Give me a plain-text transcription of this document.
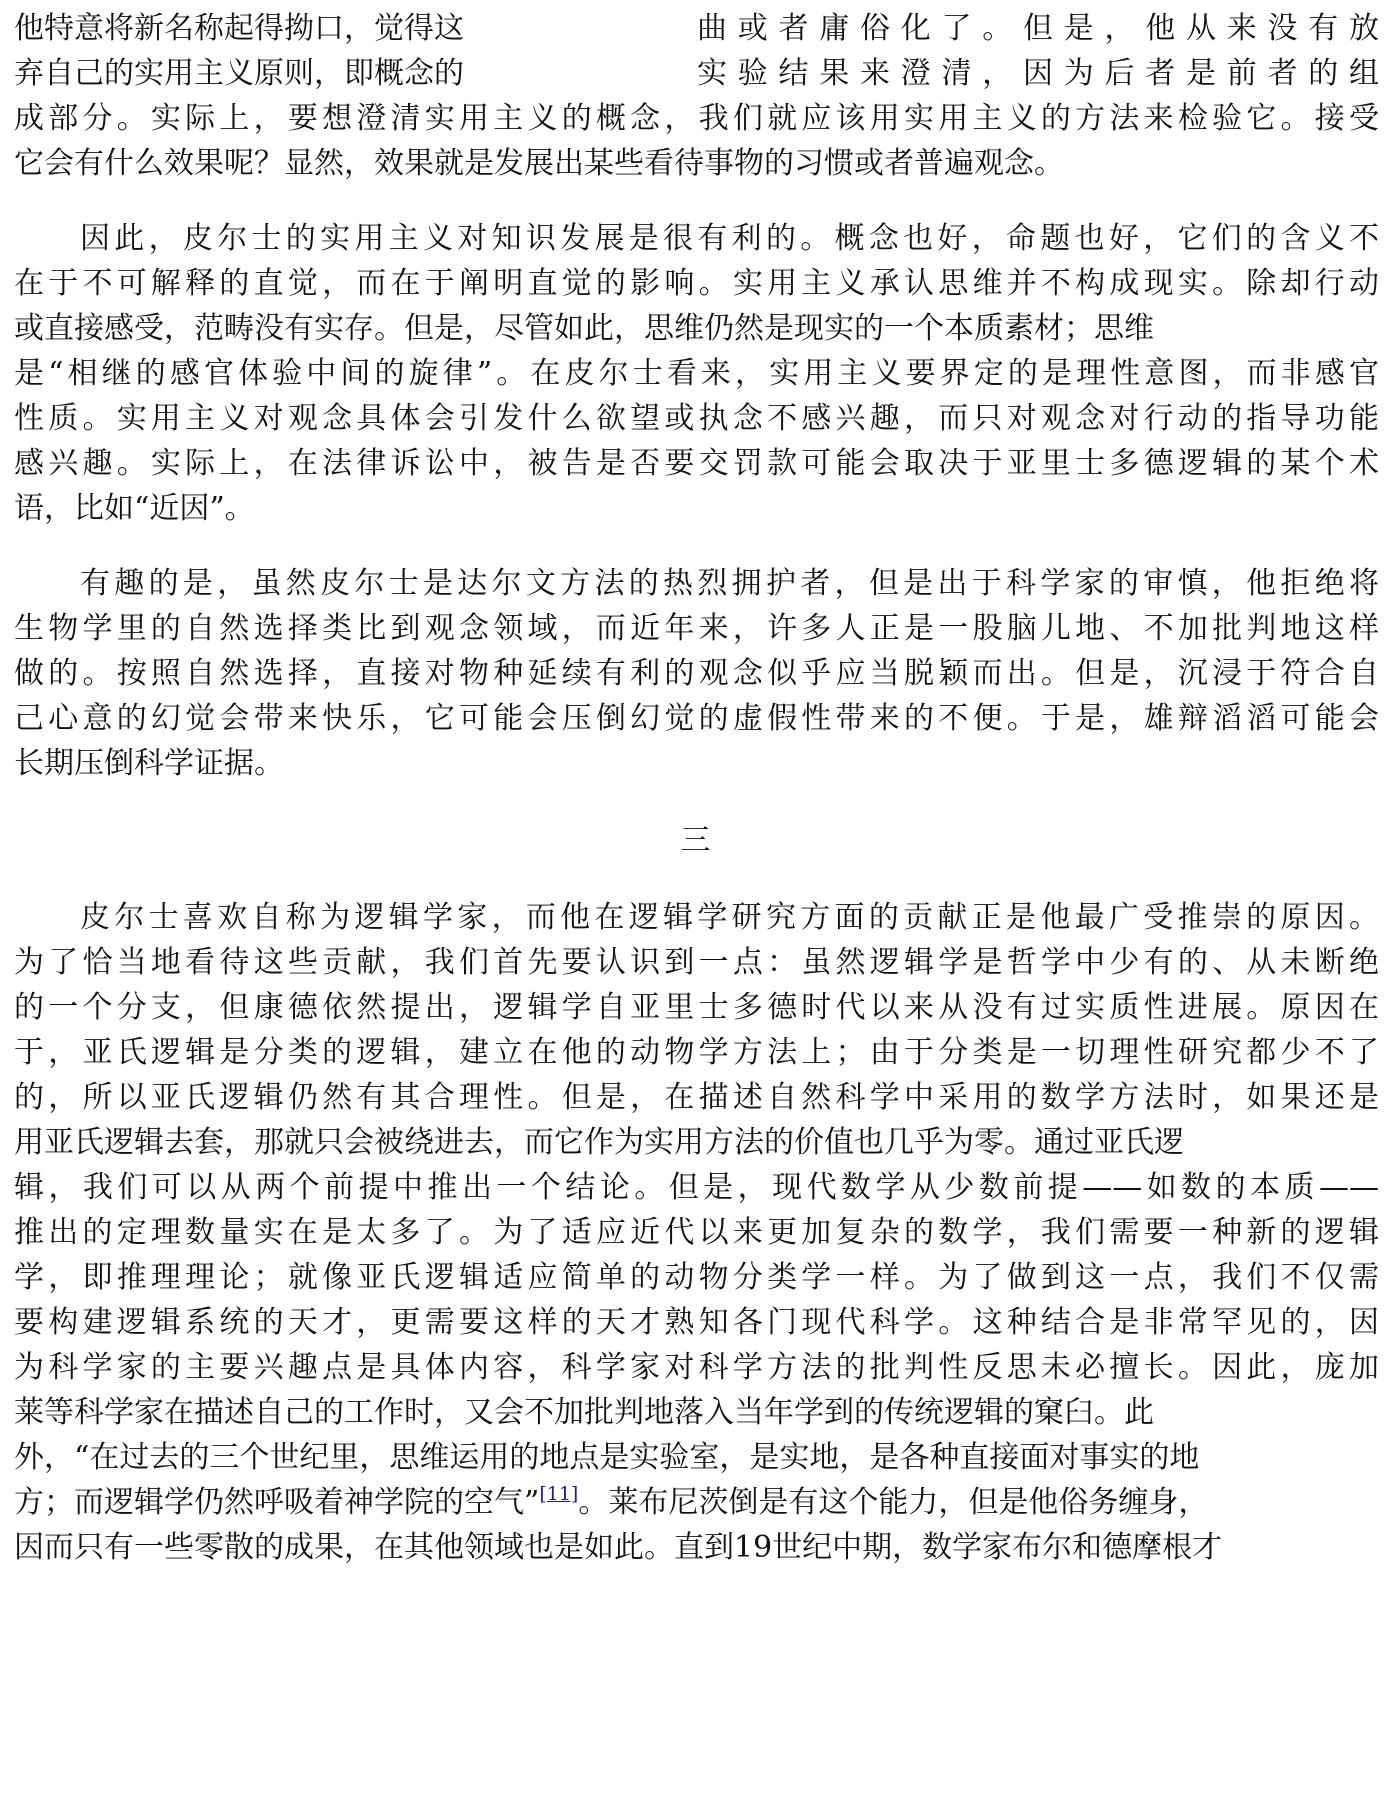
他特意将新名称起得拗口，觉得这	曲或者庸俗化了。但是，他从来没有放
弃自己的实用主义原则，即概念的	实验结果来澄清，因为后者是前者的组
成部分。实际上，要想澄清实用主义的概念，我们就应该用实用主义的方法来检验它。接受
它会有什么效果呢？显然，效果就是发展出某些看待事物的习惯或者普遍观念。
因此，皮尔士的实用主义对知识发展是很有利的。概念也好，命题也好，它们的含义不
在于不可解释的直觉，而在于阐明直觉的影响。实用主义承认思维并不构成现实。除却行动
或直接感受，范畴没有实存。但是，尽管如此，思维仍然是现实的一个本质素材；思维
是“相继的感官体验中间的旋律”。在皮尔士看来，实用主义要界定的是理性意图，而非感官
性质。实用主义对观念具体会引发什么欲望或执念不感兴趣，而只对观念对行动的指导功能
感兴趣。实际上，在法律诉讼中，被告是否要交罚款可能会取决于亚里士多德逻辑的某个术
语，比如“近因”。
有趣的是，虽然皮尔士是达尔文方法的热烈拥护者，但是出于科学家的审慎，他拒绝将
生物学里的自然选择类比到观念领域，而近年来，许多人正是一股脑儿地、不加批判地这样
做的。按照自然选择，直接对物种延续有利的观念似乎应当脱颖而出。但是，沉浸于符合自
己心意的幻觉会带来快乐，它可能会压倒幻觉的虚假性带来的不便。于是，雄辩滔滔可能会
长期压倒科学证据。
三
皮尔士喜欢自称为逻辑学家，而他在逻辑学研究方面的贡献正是他最广受推崇的原因。
为了恰当地看待这些贡献，我们首先要认识到一点：虽然逻辑学是哲学中少有的、从未断绝
的一个分支，但康德依然提出，逻辑学自亚里士多德时代以来从没有过实质性进展。原因在
于，亚氏逻辑是分类的逻辑，建立在他的动物学方法上；由于分类是一切理性研究都少不了
的，所以亚氏逻辑仍然有其合理性。但是，在描述自然科学中采用的数学方法时，如果还是
用亚氏逻辑去套，那就只会被绕进去，而它作为实用方法的价值也几乎为零。通过亚氏逻
辑，我们可以从两个前提中推出一个结论。但是，现代数学从少数前提——如数的本质——
推出的定理数量实在是太多了。为了适应近代以来更加复杂的数学，我们需要一种新的逻辑
学，即推理理论；就像亚氏逻辑适应简单的动物分类学一样。为了做到这一点，我们不仅需
要构建逻辑系统的天才，更需要这样的天才熟知各门现代科学。这种结合是非常罕见的，因
为科学家的主要兴趣点是具体内容，科学家对科学方法的批判性反思未必擅长。因此，庞加
莱等科学家在描述自己的工作时，又会不加批判地落入当年学到的传统逻辑的窠臼。此
外，“在过去的三个世纪里，思维运用的地点是实验室，是实地，是各种直接面对事实的地
方；而逻辑学仍然呼吸着神学院的空气”[11]。莱布尼茨倒是有这个能力，但是他俗务缠身，
因而只有一些零散的成果，在其他领域也是如此。直到19世纪中期，数学家布尔和德摩根才
